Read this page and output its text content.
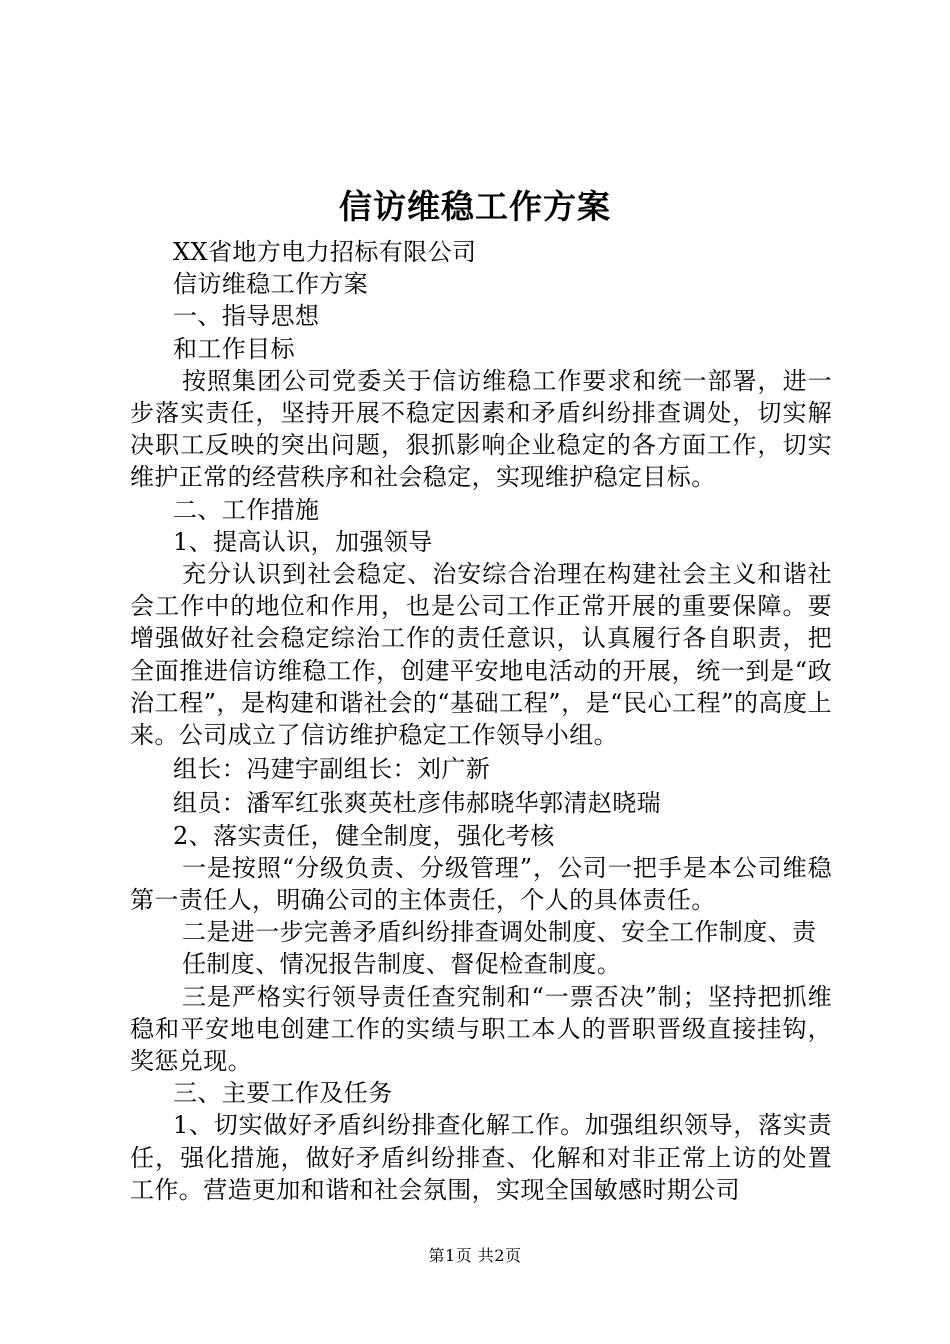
信访维稳工作方案

XX省地方电力招标有限公司

信访维稳工作方案

一、指导思想

和工作目标

按照集团公司党委关于信访维稳工作要求和统一部署，进一步落实责任，坚持开展不稳定因素和矛盾纠纷排查调处，切实解决职工反映的突出问题，狠抓影响企业稳定的各方面工作，切实维护正常的经营秩序和社会稳定，实现维护稳定目标。

二、工作措施

1、提高认识，加强领导

充分认识到社会稳定、治安综合治理在构建社会主义和谐社会工作中的地位和作用，也是公司工作正常开展的重要保障。要增强做好社会稳定综治工作的责任意识，认真履行各自职责，把全面推进信访维稳工作，创建平安地电活动的开展，统一到是“政治工程”，是构建和谐社会的“基础工程”，是“民心工程”的高度上来。公司成立了信访维护稳定工作领导小组。

组长：冯建宇副组长：刘广新

组员：潘军红张爽英杜彦伟郝晓华郭清赵晓瑞

2、落实责任，健全制度，强化考核

一是按照“分级负责、分级管理”，公司一把手是本公司维稳第一责任人，明确公司的主体责任，个人的具体责任。

二是进一步完善矛盾纠纷排查调处制度、安全工作制度、责

任制度、情况报告制度、督促检查制度。

三是严格实行领导责任查究制和“一票否决”制；坚持把抓维稳和平安地电创建工作的实绩与职工本人的晋职晋级直接挂钩，奖惩兑现。

三、主要工作及任务

1、切实做好矛盾纠纷排查化解工作。加强组织领导，落实责任，强化措施，做好矛盾纠纷排查、化解和对非正常上访的处置工作。营造更加和谐和社会氛围，实现全国敏感时期公司

第1页 共2页
